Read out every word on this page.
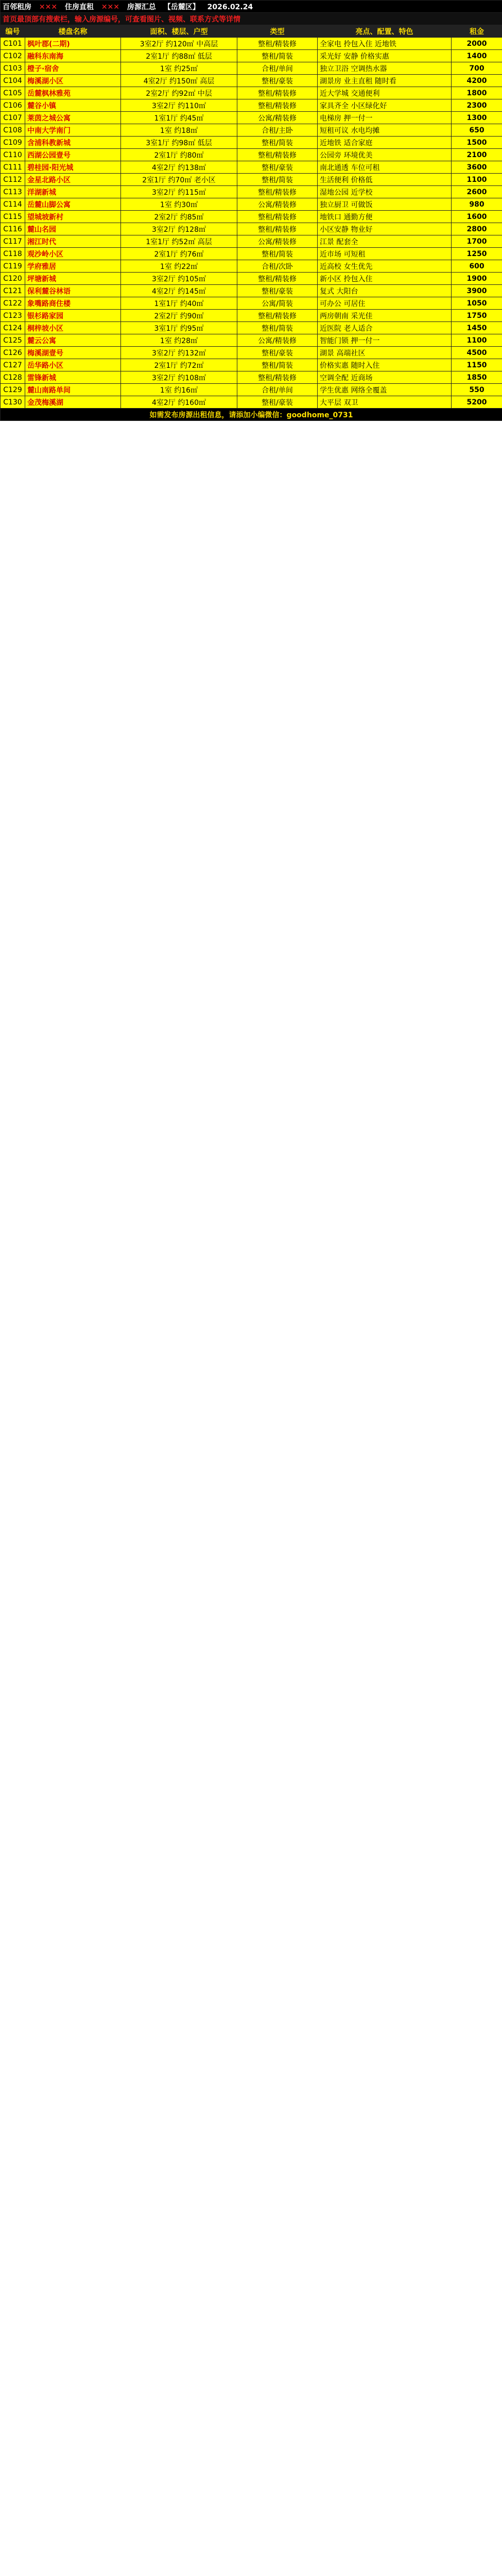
百邻租房 ✕✕✕ 住房直租 ✕✕✕ 房源汇总 【岳麓区】 2026.02.24					
首页最顶部有搜索栏，输入房源编号，可查看图片、视频、联系方式等详情					
编号	楼盘名称	面积、楼层、户型	类型	亮点、配置、特色	租金
C101	枫叶郡(二期)	3室2厅 约120㎡ 中高层	整租/精装修	全家电 拎包入住 近地铁	2000
C102	融科东南海	2室1厅 约88㎡ 低层	整租/简装	采光好 安静 价格实惠	1400
C103	橙子·宿舍	1室 约25㎡	合租/单间	独立卫浴 空调热水器	700
C104	梅溪湖小区	4室2厅 约150㎡ 高层	整租/豪装	湖景房 业主直租 随时看	4200
C105	岳麓枫林雅苑	2室2厅 约92㎡ 中层	整租/精装修	近大学城 交通便利	1800
C106	麓谷小镇	3室2厅 约110㎡	整租/精装修	家具齐全 小区绿化好	2300
C107	莱茵之城公寓	1室1厅 约45㎡	公寓/精装修	电梯房 押一付一	1300
C108	中南大学南门	1室 约18㎡	合租/主卧	短租可议 水电均摊	650
C109	含浦科教新城	3室1厅 约98㎡ 低层	整租/简装	近地铁 适合家庭	1500
C110	西湖公园壹号	2室1厅 约80㎡	整租/精装修	公园旁 环境优美	2100
C111	碧桂园·阳光城	4室2厅 约138㎡	整租/豪装	南北通透 车位可租	3600
C112	金星北路小区	2室1厅 约70㎡ 老小区	整租/简装	生活便利 价格低	1100
C113	洋湖新城	3室2厅 约115㎡	整租/精装修	湿地公园 近学校	2600
C114	岳麓山脚公寓	1室 约30㎡	公寓/精装修	独立厨卫 可做饭	980
C115	望城坡新村	2室2厅 约85㎡	整租/精装修	地铁口 通勤方便	1600
C116	麓山名园	3室2厅 约128㎡	整租/精装修	小区安静 物业好	2800
C117	湘江时代	1室1厅 约52㎡ 高层	公寓/精装修	江景 配套全	1700
C118	观沙岭小区	2室1厅 约76㎡	整租/简装	近市场 可短租	1250
C119	学府雅居	1室 约22㎡	合租/次卧	近高校 女生优先	600
C120	坪塘新城	3室2厅 约105㎡	整租/精装修	新小区 拎包入住	1900
C121	保利麓谷林语	4室2厅 约145㎡	整租/豪装	复式 大阳台	3900
C122	象嘴路商住楼	1室1厅 约40㎡	公寓/简装	可办公 可居住	1050
C123	银杉路家园	2室2厅 约90㎡	整租/精装修	两房朝南 采光佳	1750
C124	桐梓坡小区	3室1厅 约95㎡	整租/简装	近医院 老人适合	1450
C125	麓云公寓	1室 约28㎡	公寓/精装修	智能门锁 押一付一	1100
C126	梅溪湖壹号	3室2厅 约132㎡	整租/豪装	湖景 高端社区	4500
C127	岳华路小区	2室1厅 约72㎡	整租/简装	价格实惠 随时入住	1150
C128	雷锋新城	3室2厅 约108㎡	整租/精装修	空调全配 近商场	1850
C129	麓山南路单间	1室 约16㎡	合租/单间	学生优惠 网络全覆盖	550
C130	金茂梅溪湖	4室2厅 约160㎡	整租/豪装	大平层 双卫	5200
如需发布房源出租信息，请添加小编微信：goodhome_0731					
